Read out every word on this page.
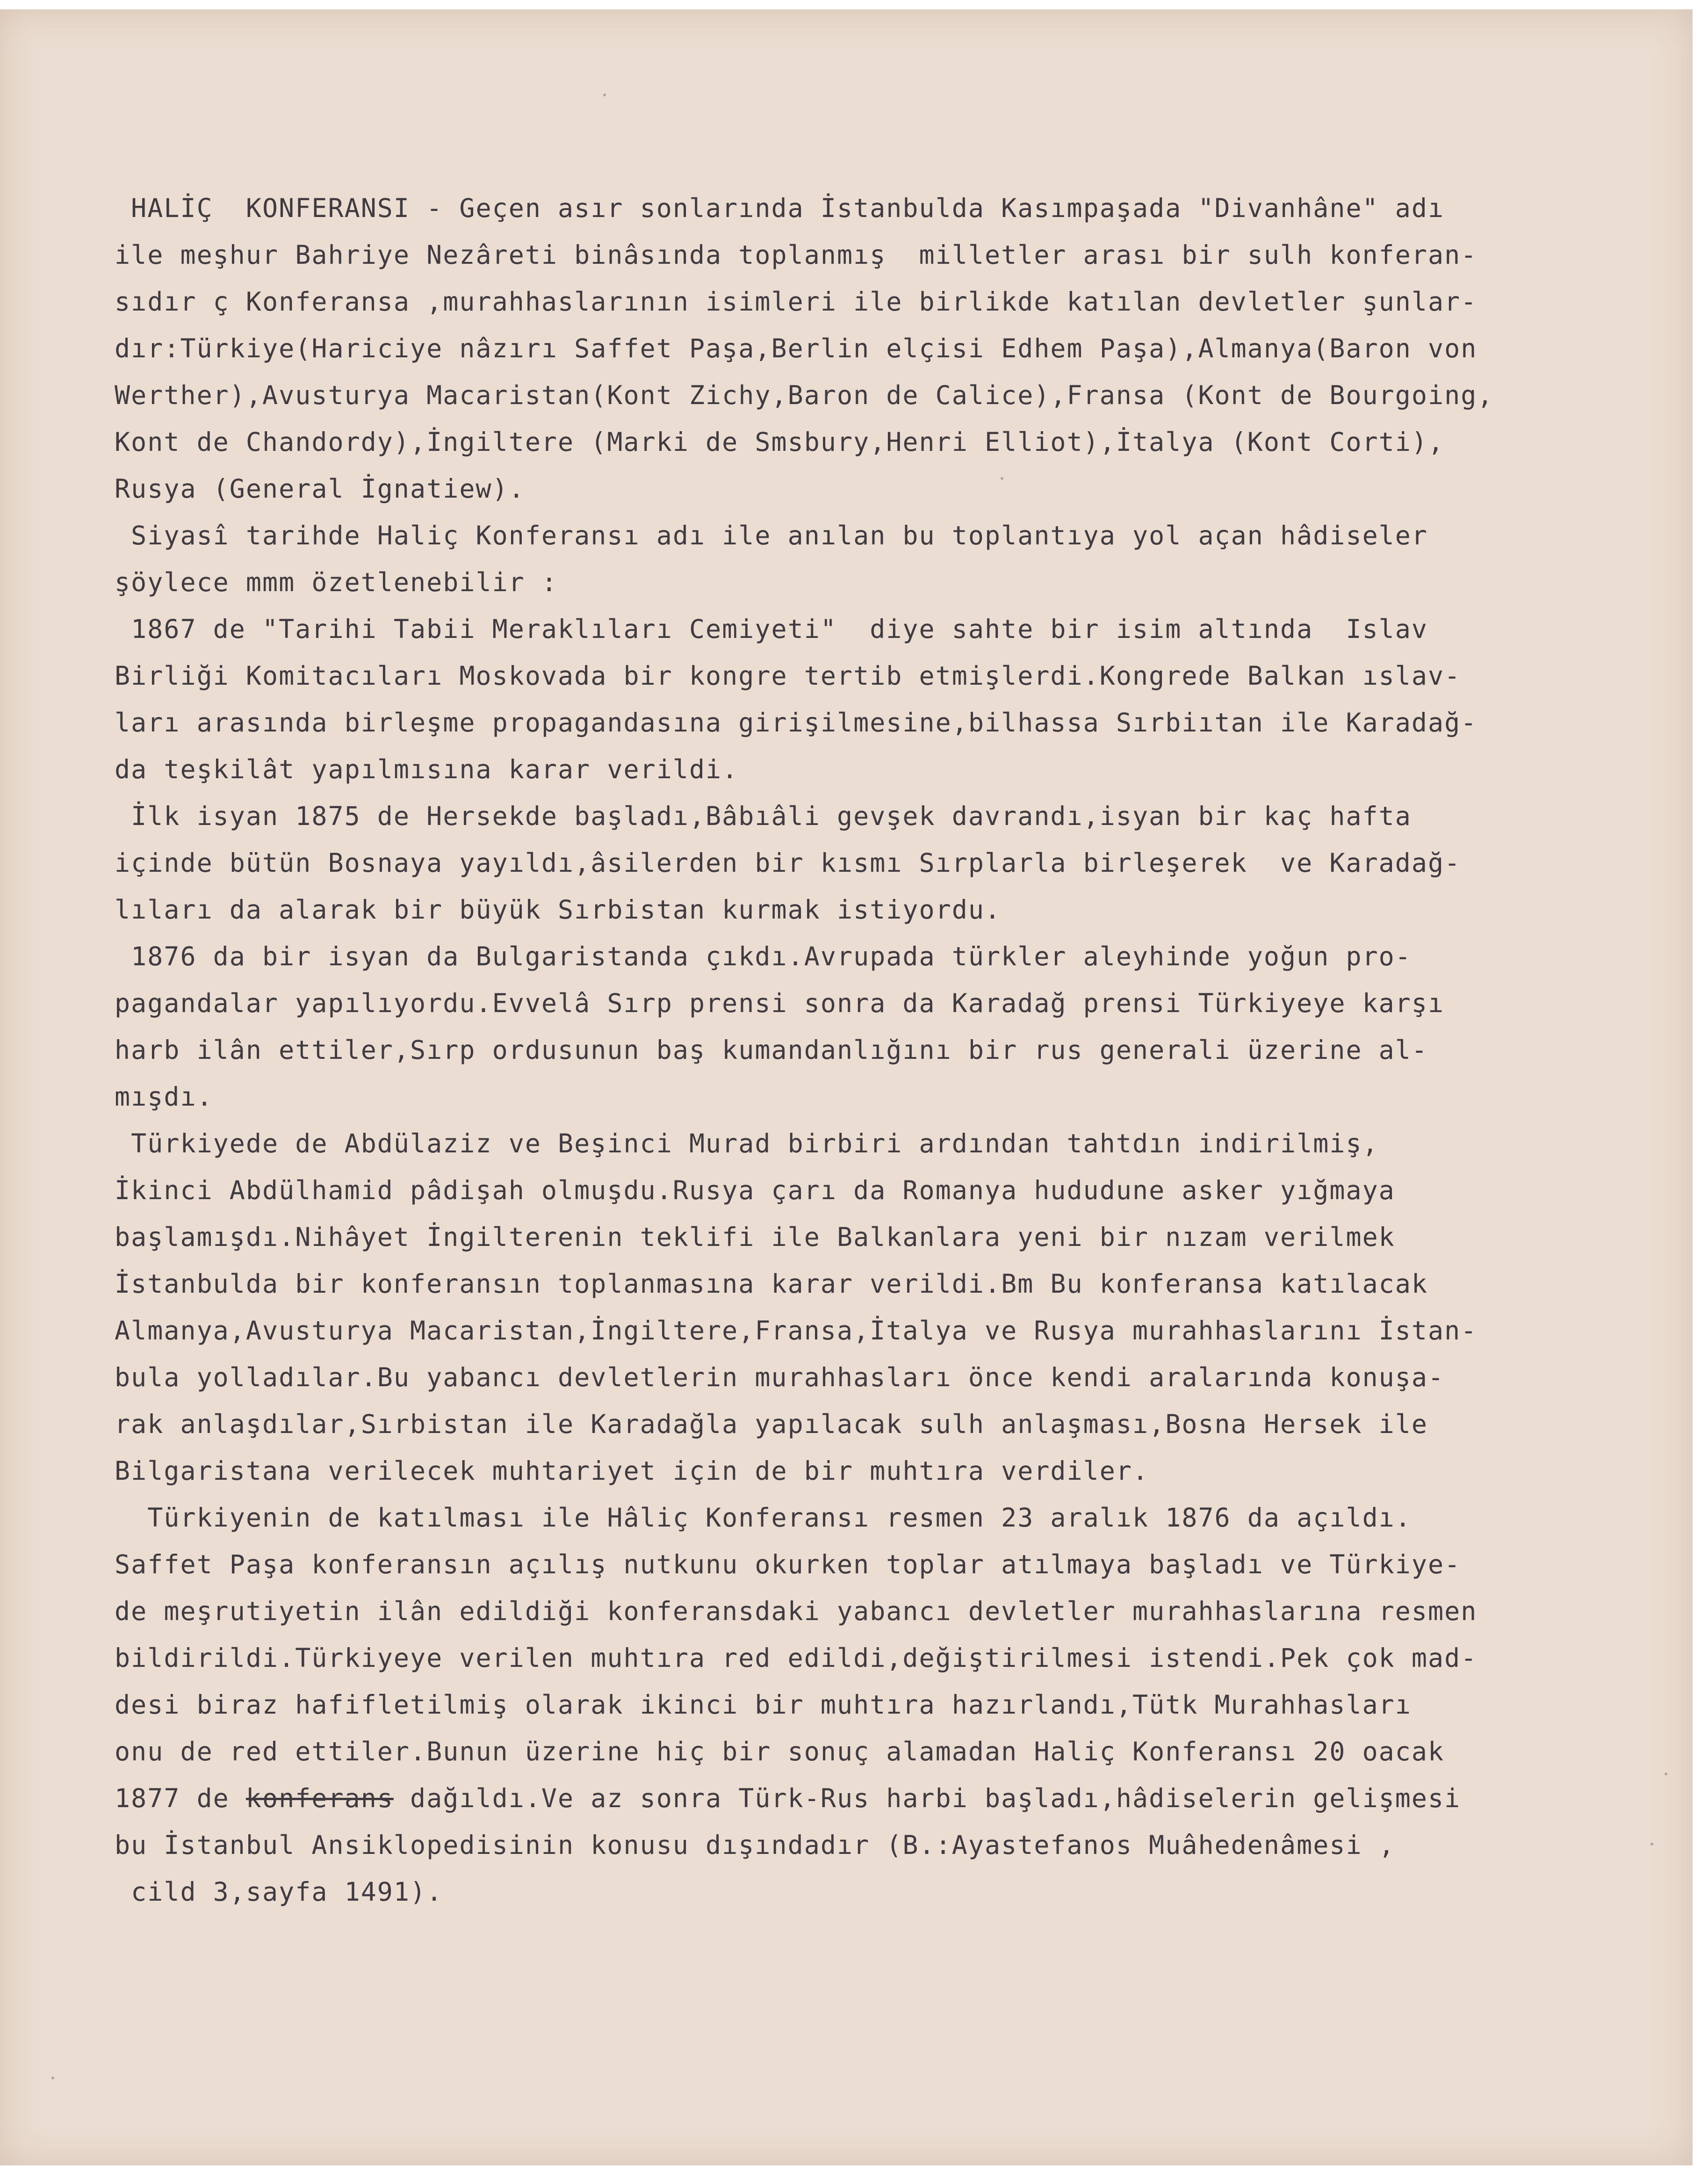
HALİÇ  KONFERANSI - Geçen asır sonlarında İstanbulda Kasımpaşada "Divanhâne" adı
ile meşhur Bahriye Nezâreti binâsında toplanmış  milletler arası bir sulh konferan-
sıdır ç Konferansa ,murahhaslarının isimleri ile birlikde katılan devletler şunlar-
dır:Türkiye(Hariciye nâzırı Saffet Paşa,Berlin elçisi Edhem Paşa),Almanya(Baron von
Werther),Avusturya Macaristan(Kont Zichy,Baron de Calice),Fransa (Kont de Bourgoing,
Kont de Chandordy),İngiltere (Marki de Smsbury,Henri Elliot),İtalya (Kont Corti),
Rusya (General İgnatiew).
Siyasî tarihde Haliç Konferansı adı ile anılan bu toplantıya yol açan hâdiseler
şöylece mmm özetlenebilir :
1867 de "Tarihi Tabii Meraklıları Cemiyeti"  diye sahte bir isim altında  Islav
Birliği Komitacıları Moskovada bir kongre tertib etmişlerdi.Kongrede Balkan ıslav-
ları arasında birleşme propagandasına girişilmesine,bilhassa Sırbiıtan ile Karadağ-
da teşkilât yapılmısına karar verildi.
İlk isyan 1875 de Hersekde başladı,Bâbıâli gevşek davrandı,isyan bir kaç hafta
içinde bütün Bosnaya yayıldı,âsilerden bir kısmı Sırplarla birleşerek  ve Karadağ-
lıları da alarak bir büyük Sırbistan kurmak istiyordu.
1876 da bir isyan da Bulgaristanda çıkdı.Avrupada türkler aleyhinde yoğun pro-
pagandalar yapılıyordu.Evvelâ Sırp prensi sonra da Karadağ prensi Türkiyeye karşı
harb ilân ettiler,Sırp ordusunun baş kumandanlığını bir rus generali üzerine al-
mışdı.
Türkiyede de Abdülaziz ve Beşinci Murad birbiri ardından tahtdın indirilmiş,
İkinci Abdülhamid pâdişah olmuşdu.Rusya çarı da Romanya hududune asker yığmaya
başlamışdı.Nihâyet İngilterenin teklifi ile Balkanlara yeni bir nızam verilmek
İstanbulda bir konferansın toplanmasına karar verildi.Bm Bu konferansa katılacak
Almanya,Avusturya Macaristan,İngiltere,Fransa,İtalya ve Rusya murahhaslarını İstan-
bula yolladılar.Bu yabancı devletlerin murahhasları önce kendi aralarında konuşa-
rak anlaşdılar,Sırbistan ile Karadağla yapılacak sulh anlaşması,Bosna Hersek ile
Bilgaristana verilecek muhtariyet için de bir muhtıra verdiler.
Türkiyenin de katılması ile Hâliç Konferansı resmen 23 aralık 1876 da açıldı.
Saffet Paşa konferansın açılış nutkunu okurken toplar atılmaya başladı ve Türkiye-
de meşrutiyetin ilân edildiği konferansdaki yabancı devletler murahhaslarına resmen
bildirildi.Türkiyeye verilen muhtıra red edildi,değiştirilmesi istendi.Pek çok mad-
desi biraz hafifletilmiş olarak ikinci bir muhtıra hazırlandı,Tütk Murahhasları
onu de red ettiler.Bunun üzerine hiç bir sonuç alamadan Haliç Konferansı 20 oacak
1877 de konferans dağıldı.Ve az sonra Türk-Rus harbi başladı,hâdiselerin gelişmesi
bu İstanbul Ansiklopedisinin konusu dışındadır (B.:Ayastefanos Muâhedenâmesi ,
cild 3,sayfa 1491).
